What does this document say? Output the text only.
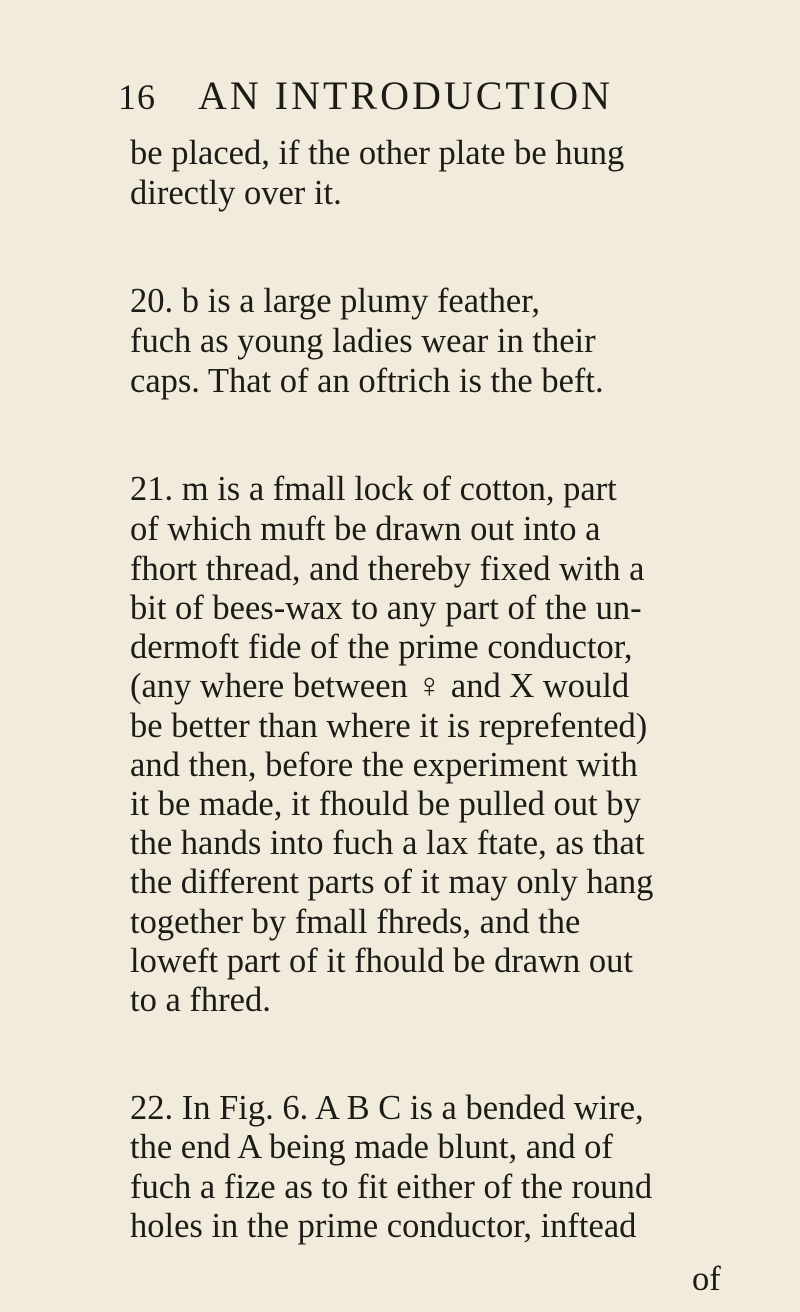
16 AN INTRODUCTION
be placed, if the other plate be hung
directly over it.
20. b is a large plumy feather,
fuch as young ladies wear in their
caps. That of an oftrich is the beft.
21. m is a fmall lock of cotton, part
of which muft be drawn out into a
fhort thread, and thereby fixed with a
bit of bees-wax to any part of the un-
dermoft fide of the prime conductor,
(any where between ♀ and X would
be better than where it is reprefented)
and then, before the experiment with
it be made, it fhould be pulled out by
the hands into fuch a lax ftate, as that
the different parts of it may only hang
together by fmall fhreds, and the
loweft part of it fhould be drawn out
to a fhred.
22. In Fig. 6. A B C is a bended wire,
the end A being made blunt, and of
fuch a fize as to fit either of the round
holes in the prime conductor, inftead
of
